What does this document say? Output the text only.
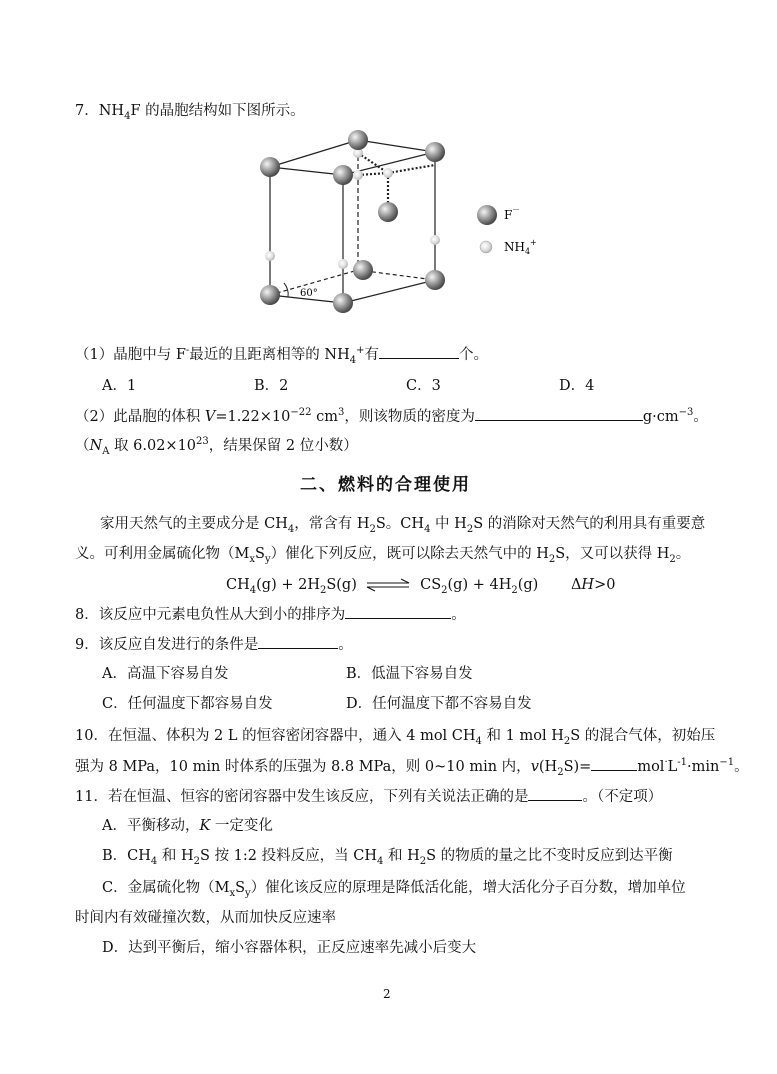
7．$NH_4F$ 的晶胞结构如下图所示。
60°
F －
NH 4
+
（1）晶胞中与 F-最近的且距离相等的 $NH_4^+$有	个。
A．1	B．2	C．3	D．4
（2）此晶胞的体积 $V=1.22\times 10^{-22}$ $cm^3$，则该物质的密度为	$g\cdot cm^{-3}$。
（$N_A$ 取 $6.02\times 10^{23}$，结果保留 2 位小数）
二、燃料的合理使用
家用天然气的主要成分是 $CH_4$，常含有 $H_2S$。$CH_4$ 中 $H_2S$ 的消除对天然气的利用具有重要意
义。可利用金属硫化物$(M_xS_y)$催化下列反应，既可以除去天然气中的 $H_2S$，又可以获得 $H_2$。
$CH_4(g) + 2H_2S(g)$ ⇌ $CS_2(g) + 4H_2(g)$ ΔH>0
8．该反应中元素电负性从大到小的排序为	。
9．该反应自发进行的条件是	。
A．高温下容易自发	B．低温下容易自发
C．任何温度下都容易自发	D．任何温度下都不容易自发
10．在恒温、体积为 2 L 的恒容密闭容器中，通入 4 mol $CH_4$ 和 1 mol $H_2S$ 的混合气体，初始压
强为 8 MPa，10 min 时体系的压强为 8.8 MPa，则 0~10 min 内，$v(H_2S)=$	$mol^\cdot L^{-1}\cdot\min^{-1}$。
11．若在恒温、恒容的密闭容器中发生该反应，下列有关说法正确的是	。（不定项）
A．平衡移动，K 一定变化
B．$CH_4$ 和 $H_2S$ 按 1:2 投料反应，当 $CH_4$ 和 $H_2S$ 的物质的量之比不变时反应到达平衡
C．金属硫化物$(M_xS_y)$催化该反应的原理是降低活化能，增大活化分子百分数，增加单位
时间内有效碰撞次数，从而加快反应速率
D．达到平衡后，缩小容器体积，正反应速率先减小后变大
2
